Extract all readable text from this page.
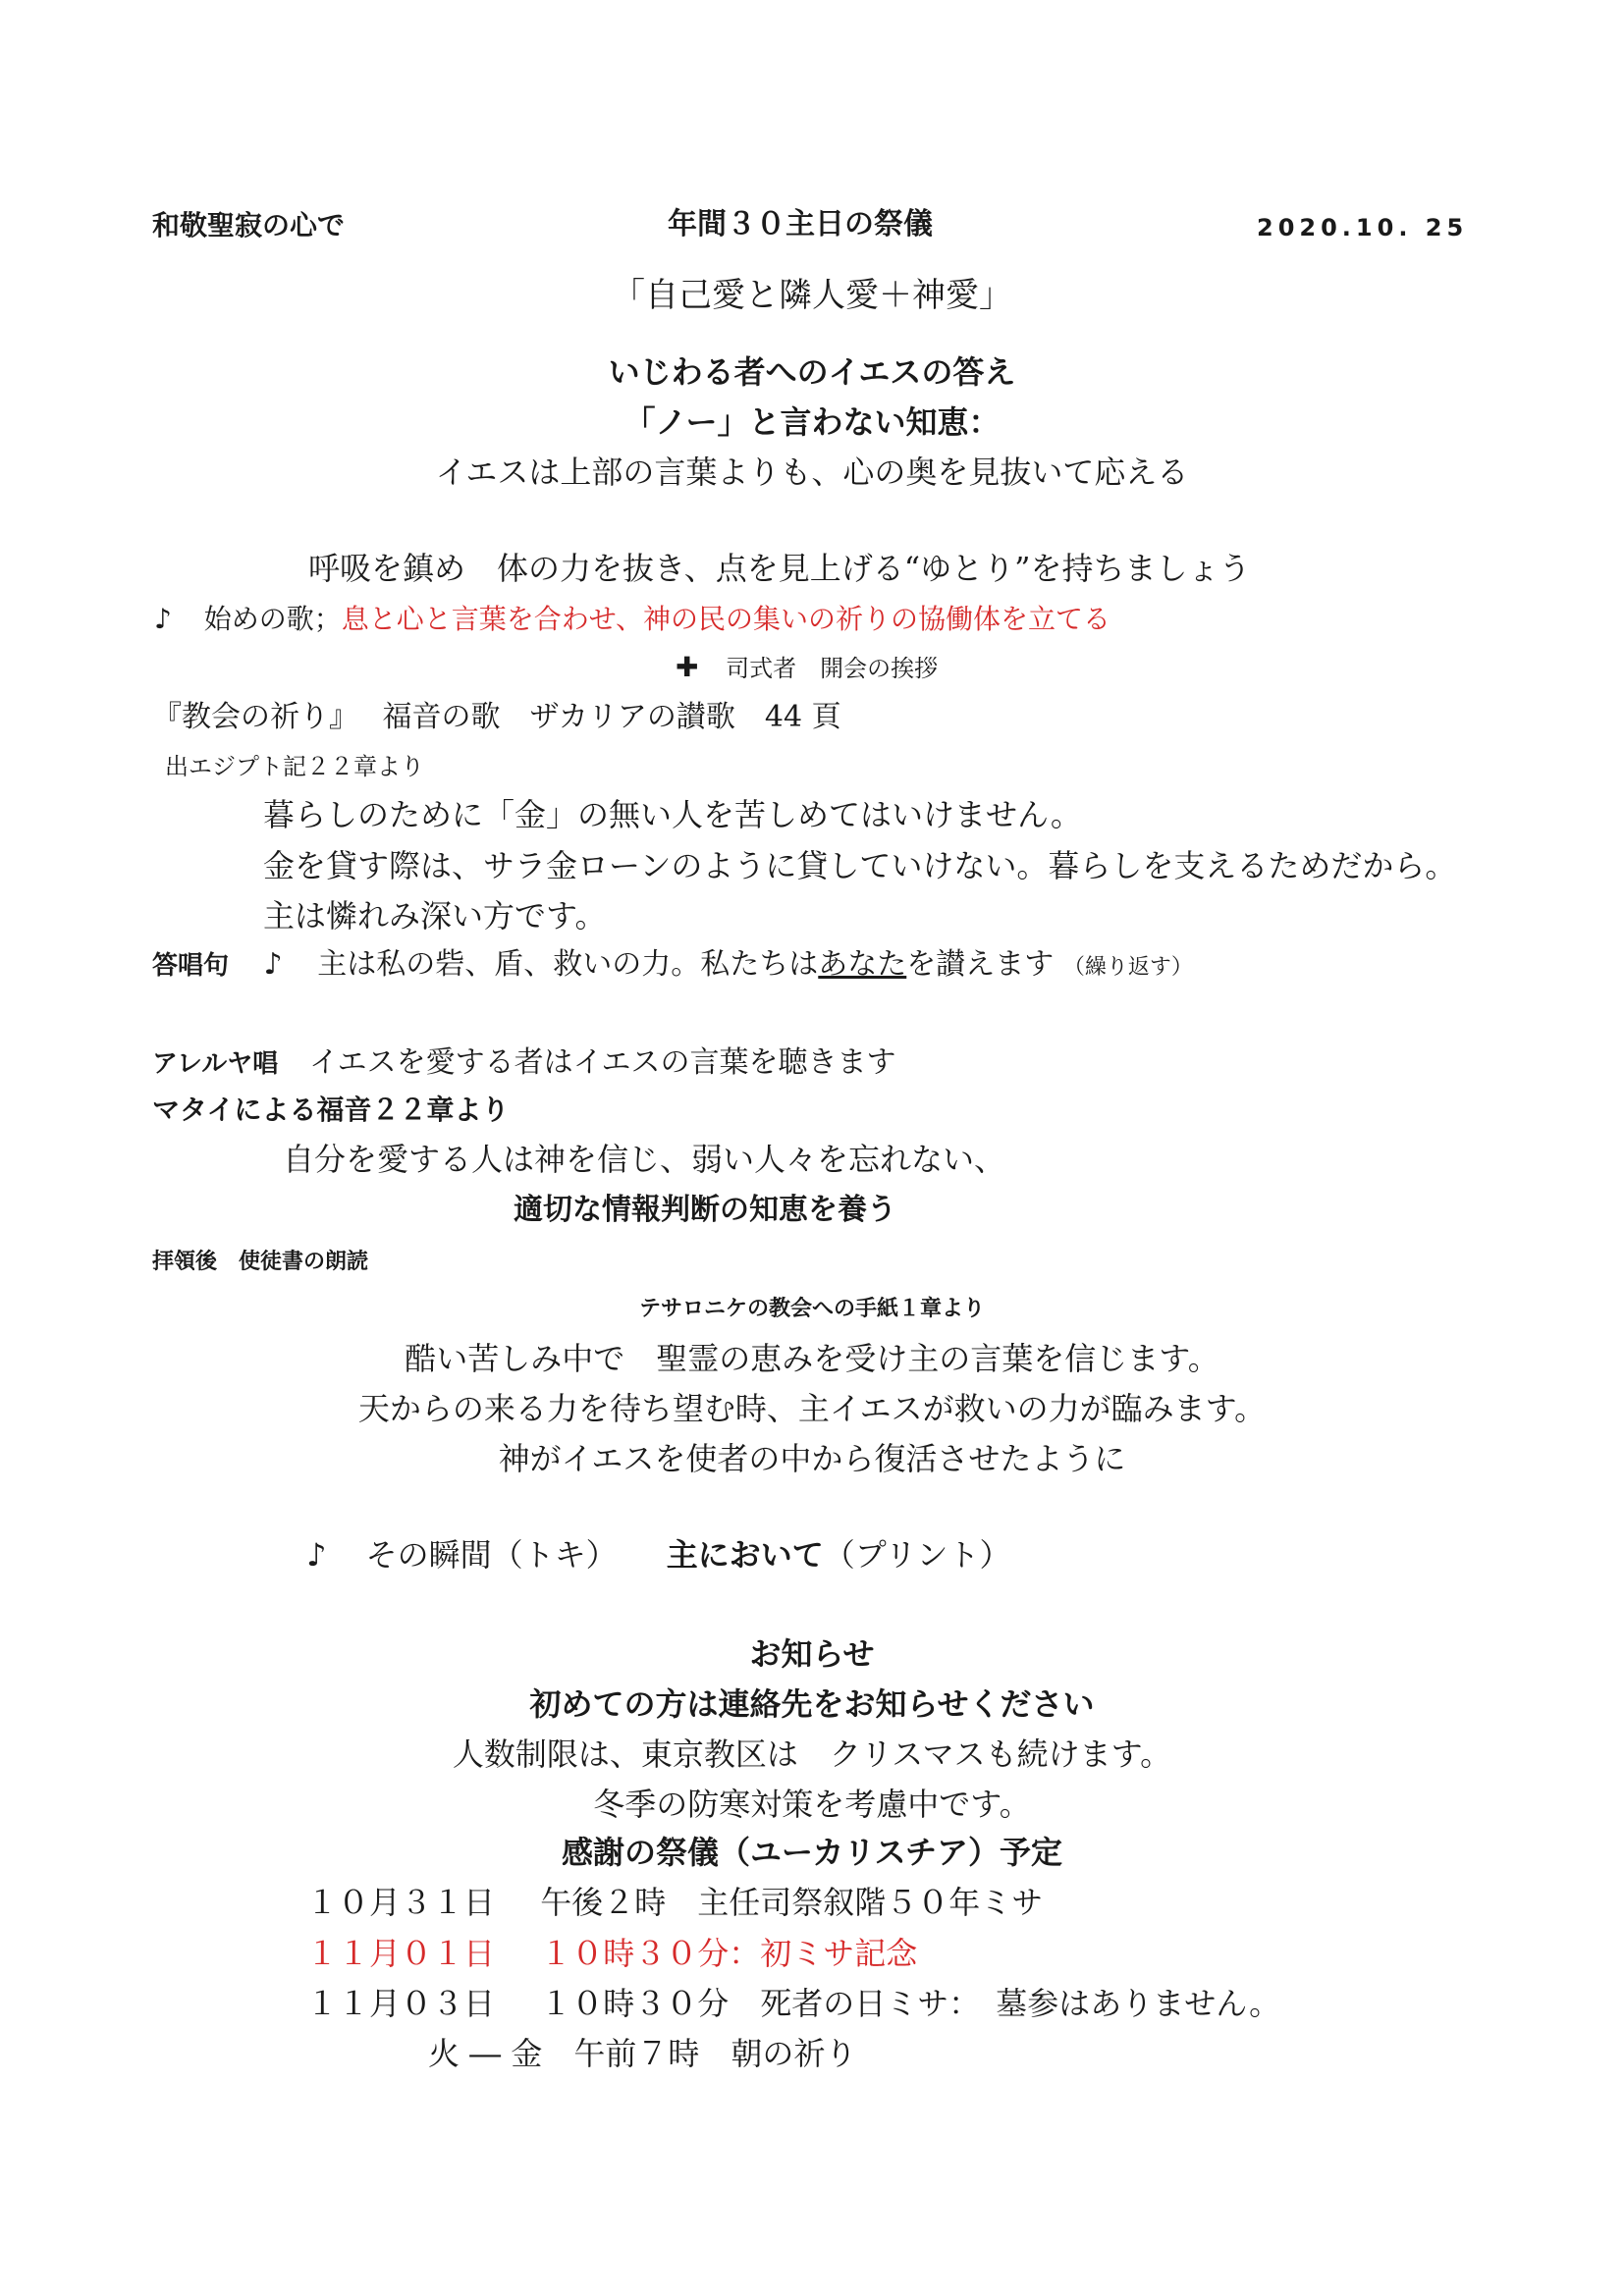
和敬聖寂の心で	年間３０主日の祭儀	2020.10. 25
「自己愛と隣人愛＋神愛」
いじわる者へのイエスの答え
「ノー」と言わない知恵：
イエスは上部の言葉よりも、心の奥を見抜いて応える
呼吸を鎮め　体の力を抜き、点を見上げる“ゆとり”を持ちましょう
♪ 始めの歌；息と心と言葉を合わせ、神の民の集いの祈りの協働体を立てる
✚ 司式者　開会の挨拶
『教会の祈り』　 福音の歌　ザカリアの讃歌　44 頁
出エジプト記２２章より
暮らしのために「金」の無い人を苦しめてはいけません。
金を貸す際は、サラ金ローンのように貸していけない。暮らしを支えるためだから。
主は憐れみ深い方です。
答唱句 ♪ 主は私の砦、盾、救いの力。私たちはあなたを讃えます （繰り返す）
アレルヤ唱 イエスを愛する者はイエスの言葉を聴きます
マタイによる福音２２章より
自分を愛する人は神を信じ、弱い人々を忘れない、
適切な情報判断の知恵を養う
拝領後　使徒書の朗読
テサロニケの教会への手紙１章より
酷い苦しみ中で　聖霊の恵みを受け主の言葉を信じます。
天からの来る力を待ち望む時、主イエスが救いの力が臨みます。
神がイエスを使者の中から復活させたように
♪ その瞬間（トキ） 主において（プリント）
お知らせ
初めての方は連絡先をお知らせください
人数制限は、東京教区は　クリスマスも続けます。
冬季の防寒対策を考慮中です。
感謝の祭儀（ユーカリスチア）予定
１０月３１日 午後２時　主任司祭叙階５０年ミサ
１１月０１日 １０時３０分：初ミサ記念
１１月０３日 １０時３０分　死者の日ミサ：　墓参はありません。
火 ― 金　午前７時　朝の祈り
